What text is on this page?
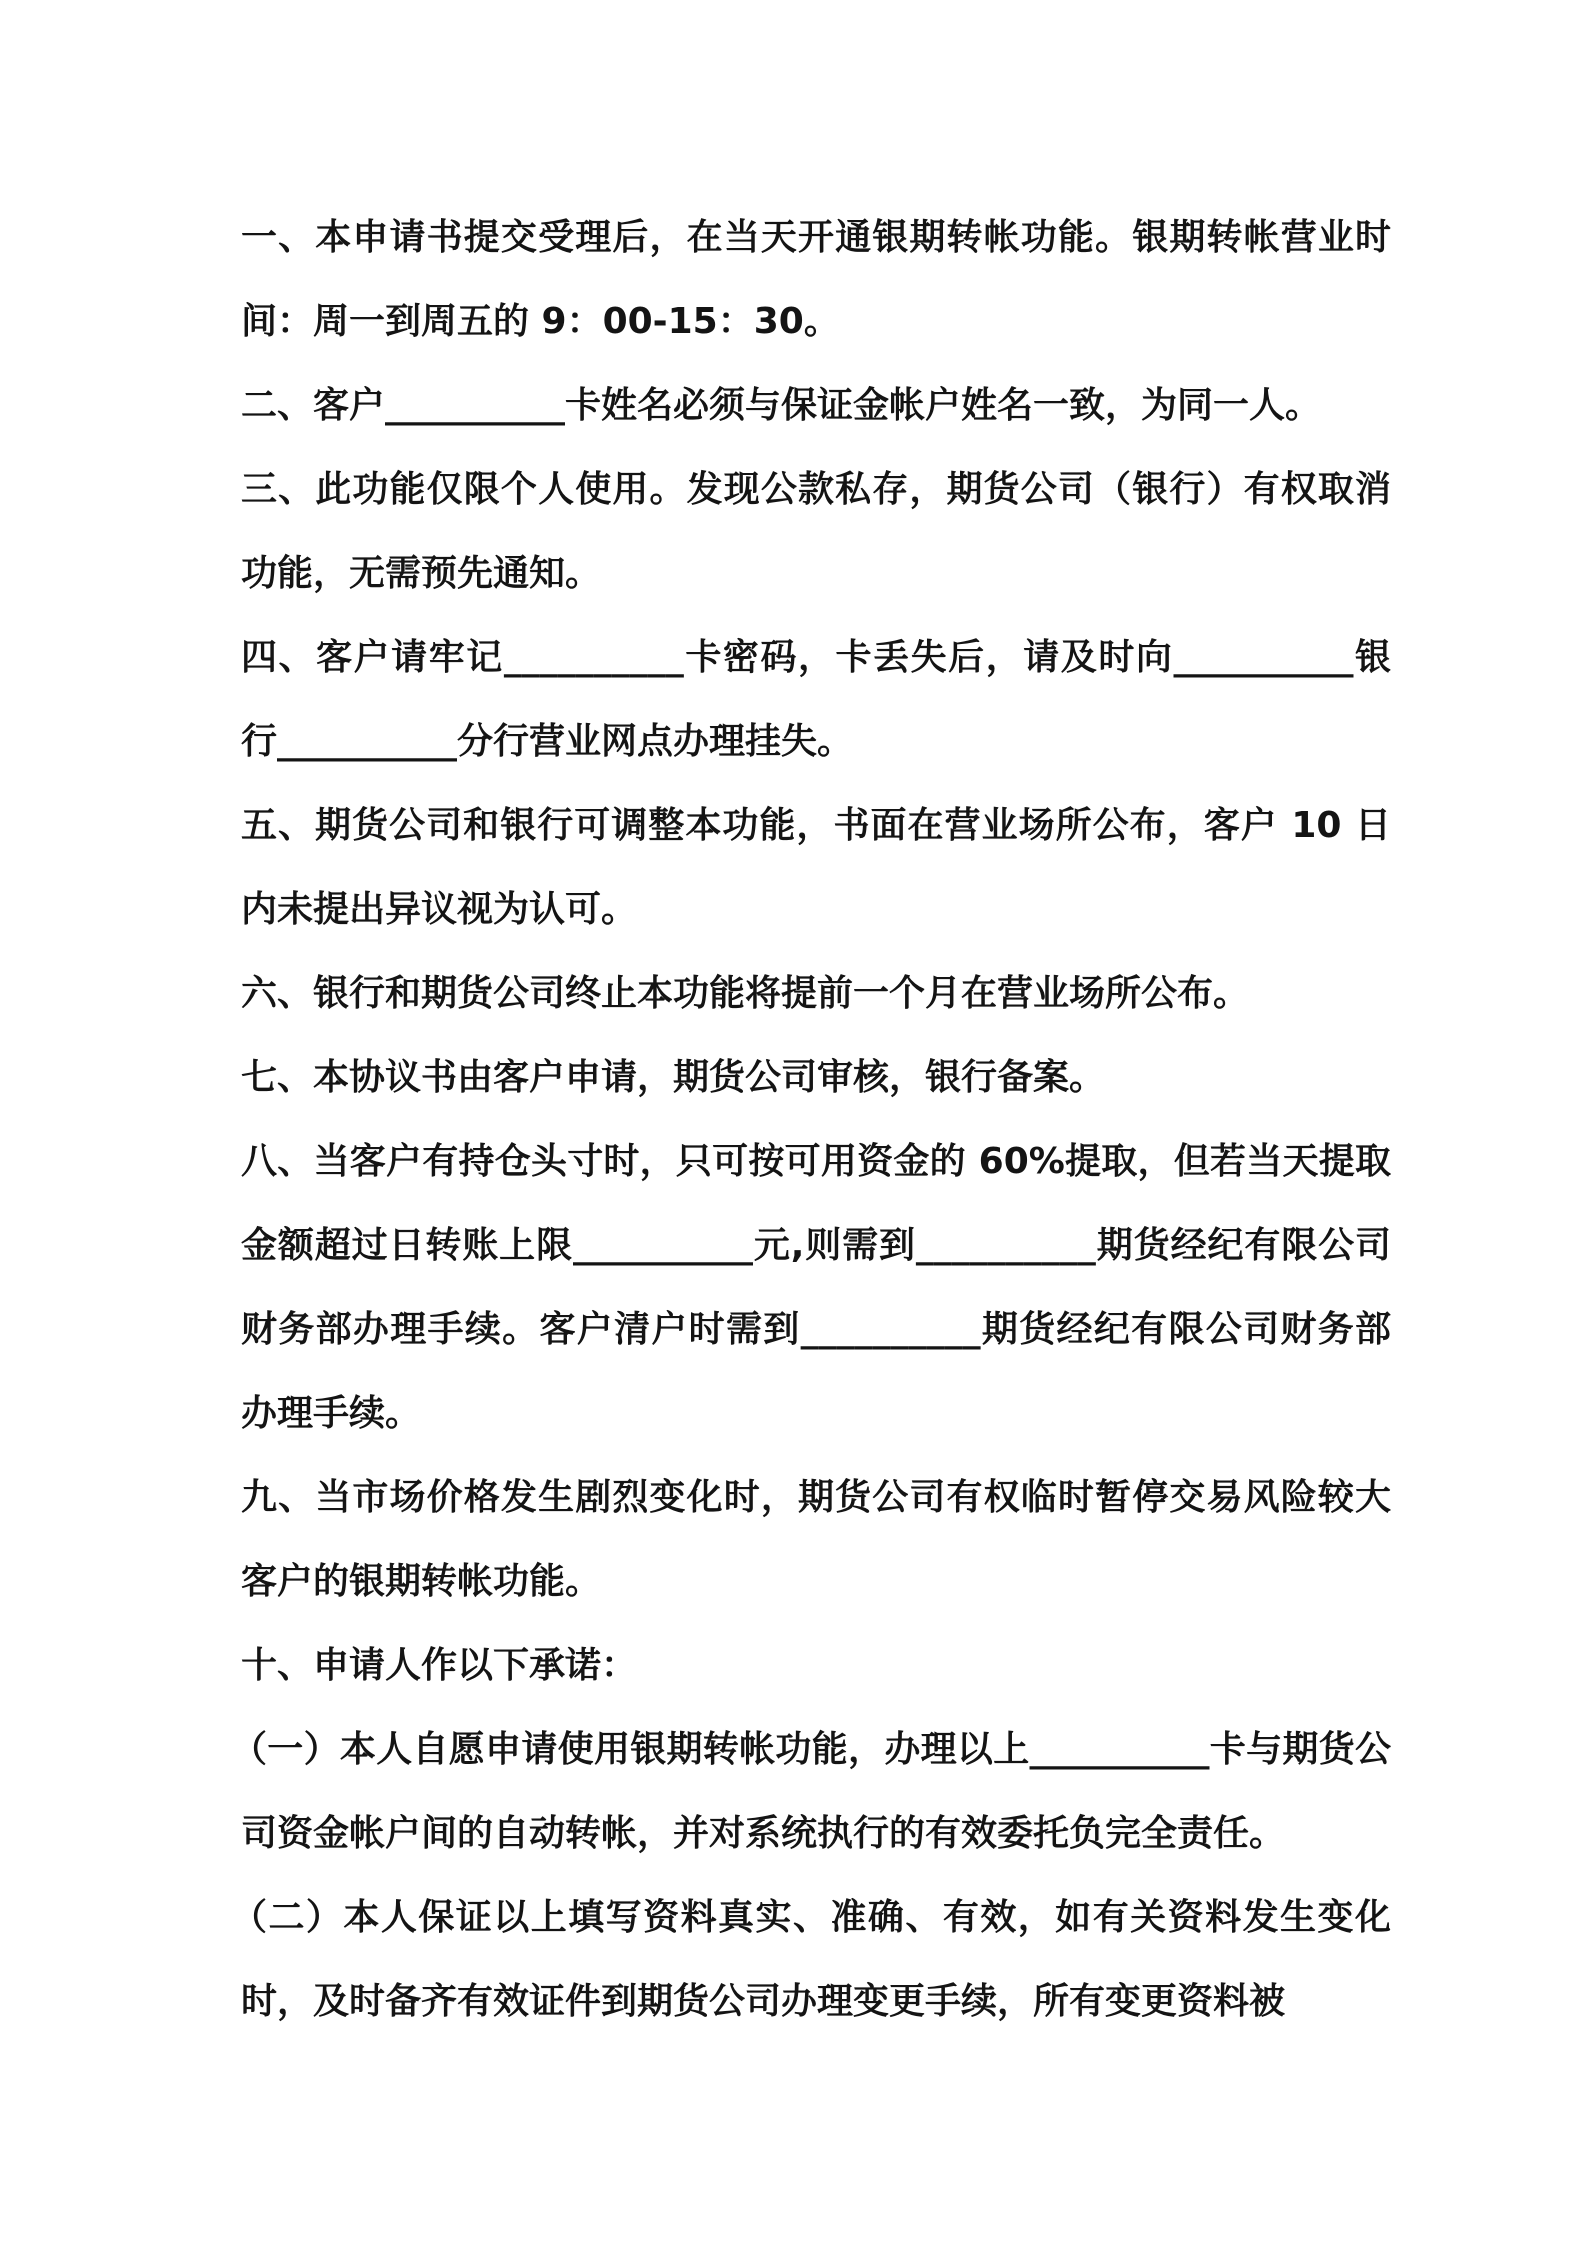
一、本申请书提交受理后，在当天开通银期转帐功能。银期转帐营业时间：周一到周五的 9：00-15：30。

二、客户__________卡姓名必须与保证金帐户姓名一致，为同一人。

三、此功能仅限个人使用。发现公款私存，期货公司（银行）有权取消功能，无需预先通知。

四、客户请牢记__________卡密码，卡丢失后，请及时向__________银行__________分行营业网点办理挂失。

五、期货公司和银行可调整本功能，书面在营业场所公布，客户 10 日内未提出异议视为认可。

六、银行和期货公司终止本功能将提前一个月在营业场所公布。

七、本协议书由客户申请，期货公司审核，银行备案。

八、当客户有持仓头寸时，只可按可用资金的 60%提取，但若当天提取金额超过日转账上限__________元,则需到__________期货经纪有限公司财务部办理手续。客户清户时需到__________期货经纪有限公司财务部办理手续。

九、当市场价格发生剧烈变化时，期货公司有权临时暂停交易风险较大客户的银期转帐功能。

十、申请人作以下承诺：

（一）本人自愿申请使用银期转帐功能，办理以上__________卡与期货公司资金帐户间的自动转帐，并对系统执行的有效委托负完全责任。

（二）本人保证以上填写资料真实、准确、有效，如有关资料发生变化时，及时备齐有效证件到期货公司办理变更手续，所有变更资料被
